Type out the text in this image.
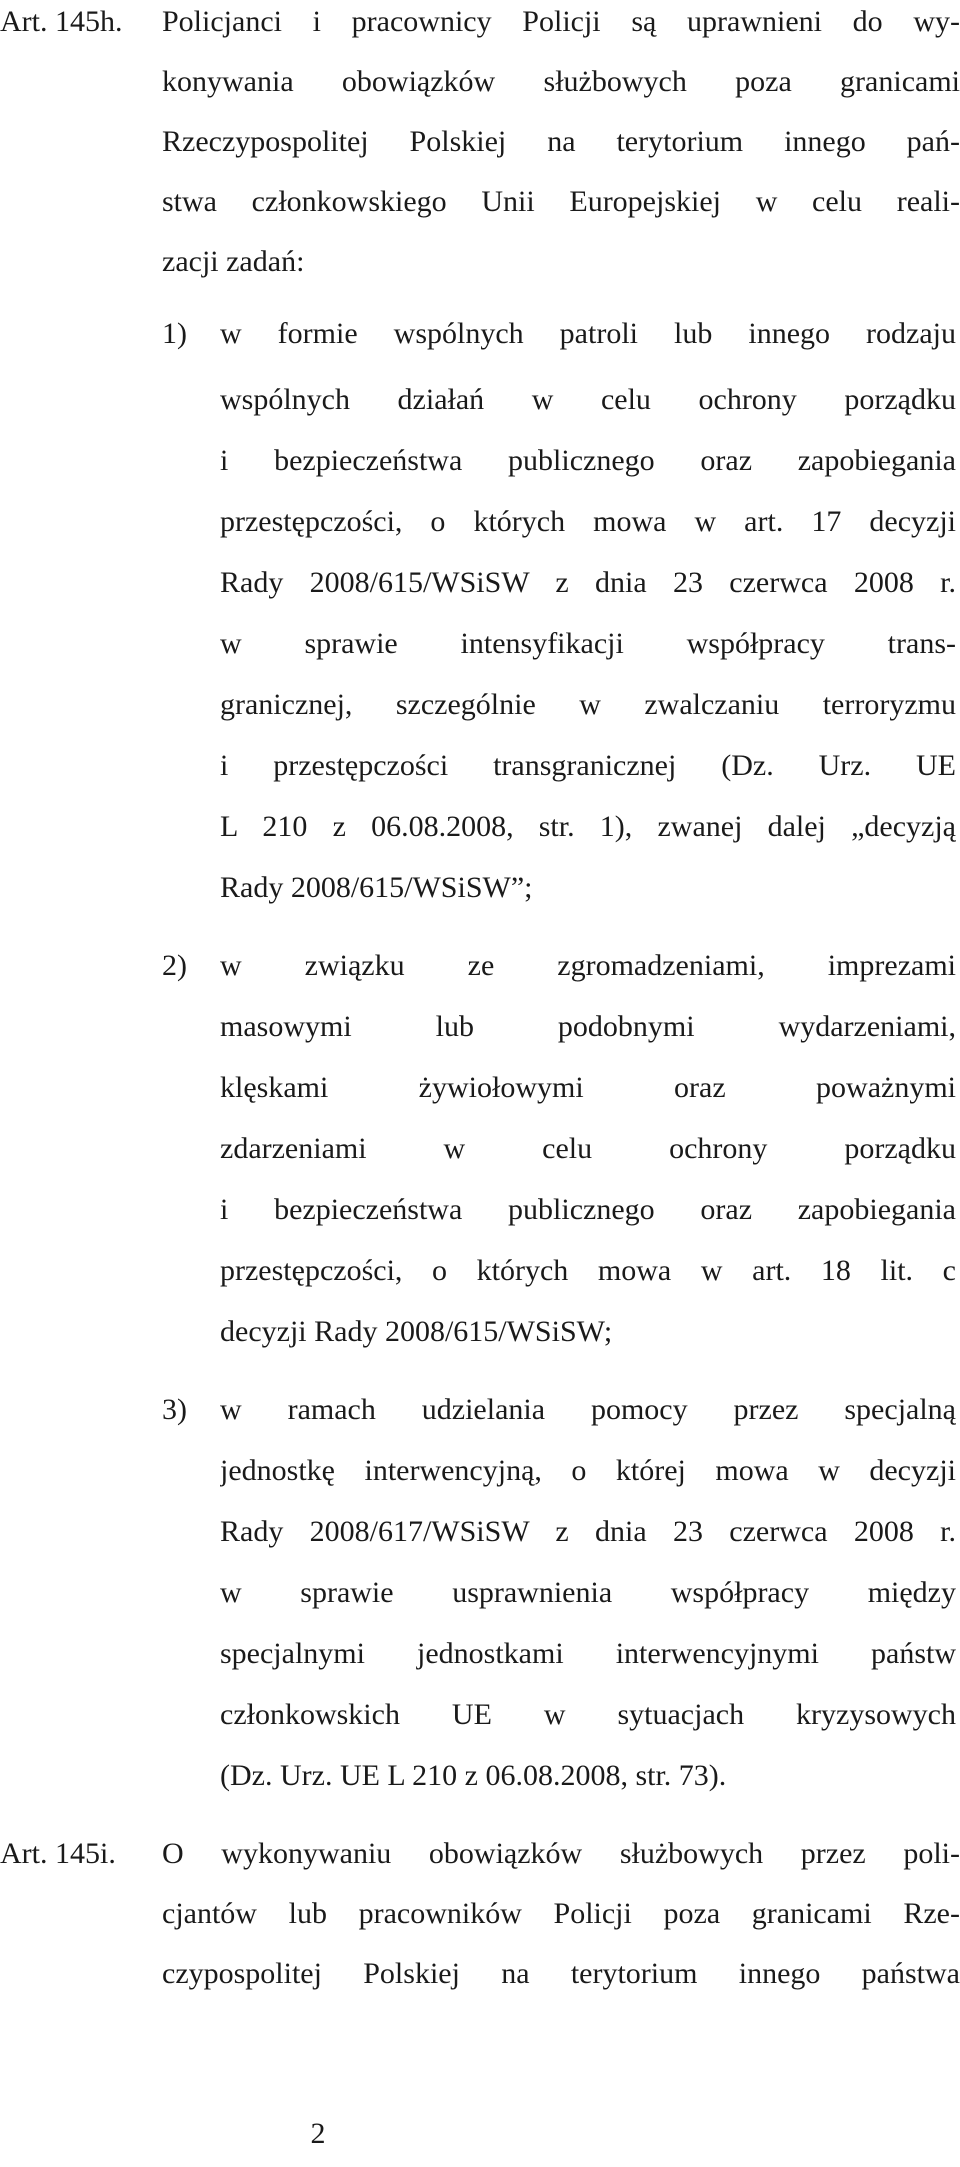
Art. 145h. Policjanci i pracownicy Policji są uprawnieni do wy-
konywania obowiązków służbowych poza granicami
Rzeczypospolitej Polskiej na terytorium innego pań-
stwa członkowskiego Unii Europejskiej w celu reali-
zacji zadań:
1) w formie wspólnych patroli lub innego rodzaju
wspólnych działań w celu ochrony porządku
i bezpieczeństwa publicznego oraz zapobiegania
przestępczości, o których mowa w art. 17 decyzji
Rady 2008/615/WSiSW z dnia 23 czerwca 2008 r.
w sprawie intensyfikacji współpracy trans-
granicznej, szczególnie w zwalczaniu terroryzmu
i przestępczości transgranicznej (Dz. Urz. UE
L 210 z 06.08.2008, str. 1), zwanej dalej „decyzją
Rady 2008/615/WSiSW”;
2) w związku ze zgromadzeniami, imprezami
masowymi lub podobnymi wydarzeniami,
klęskami żywiołowymi oraz poważnymi
zdarzeniami w celu ochrony porządku
i bezpieczeństwa publicznego oraz zapobiegania
przestępczości, o których mowa w art. 18 lit. c
decyzji Rady 2008/615/WSiSW;
3) w ramach udzielania pomocy przez specjalną
jednostkę interwencyjną, o której mowa w decyzji
Rady 2008/617/WSiSW z dnia 23 czerwca 2008 r.
w sprawie usprawnienia współpracy między
specjalnymi jednostkami interwencyjnymi państw
członkowskich UE w sytuacjach kryzysowych
(Dz. Urz. UE L 210 z 06.08.2008, str. 73).
Art. 145i. O wykonywaniu obowiązków służbowych przez poli-
cjantów lub pracowników Policji poza granicami Rze-
czypospolitej Polskiej na terytorium innego państwa
2
